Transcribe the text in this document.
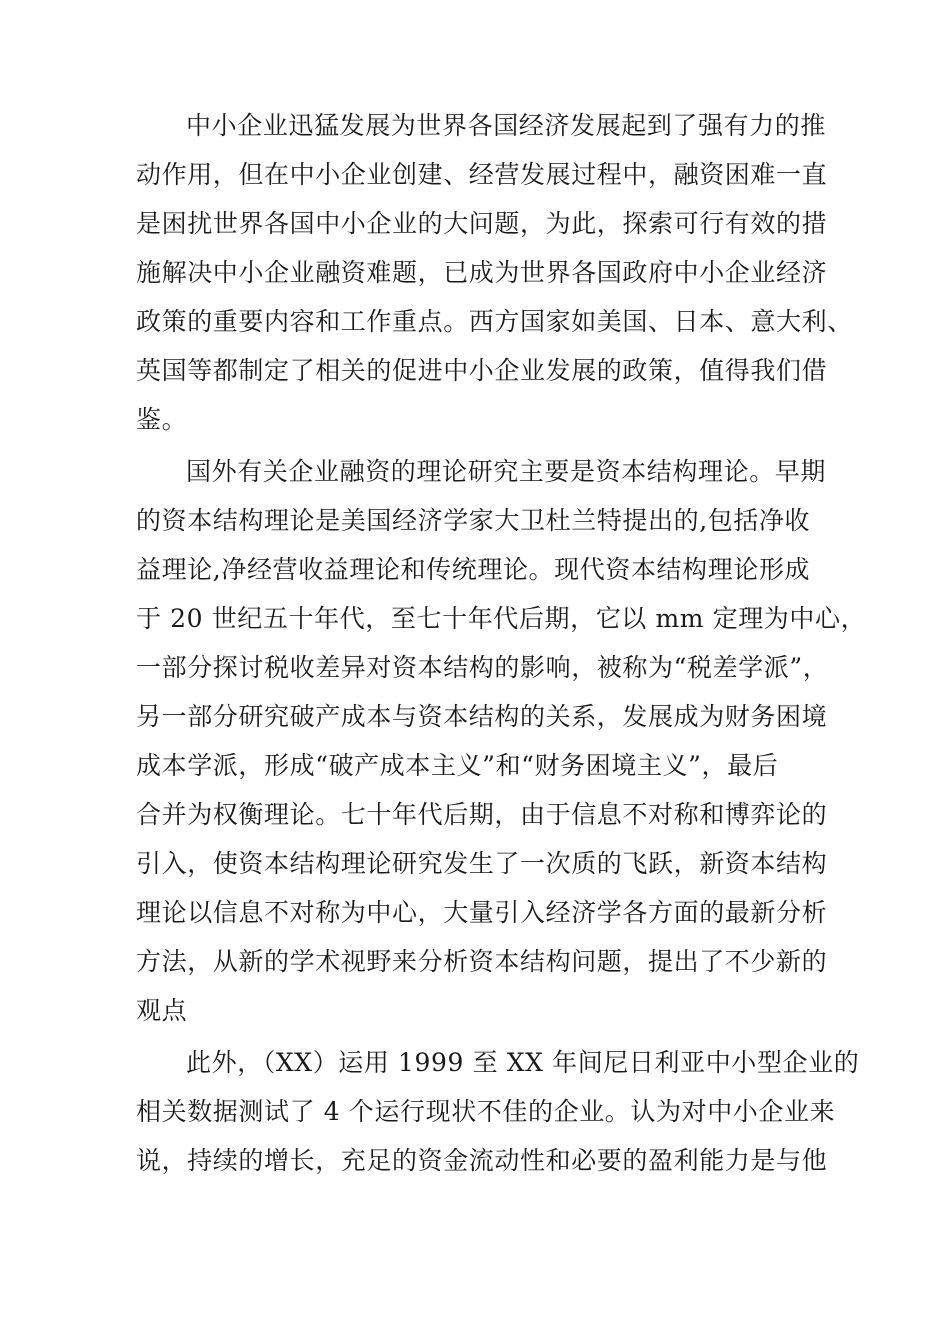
中小企业迅猛发展为世界各国经济发展起到了强有力的推
动作用，但在中小企业创建、经营发展过程中，融资困难一直
是困扰世界各国中小企业的大问题，为此，探索可行有效的措
施解决中小企业融资难题，已成为世界各国政府中小企业经济
政策的重要内容和工作重点。西方国家如美国、日本、意大利、
英国等都制定了相关的促进中小企业发展的政策，值得我们借
鉴。
国外有关企业融资的理论研究主要是资本结构理论。早期
的资本结构理论是美国经济学家大卫杜兰特提出的,包括净收
益理论,净经营收益理论和传统理论。现代资本结构理论形成
于 20 世纪五十年代，至七十年代后期，它以 mm 定理为中心，
一部分探讨税收差异对资本结构的影响，被称为“税差学派”，
另一部分研究破产成本与资本结构的关系，发展成为财务困境
成本学派，形成“破产成本主义”和“财务困境主义”，最后
合并为权衡理论。七十年代后期，由于信息不对称和博弈论的
引入，使资本结构理论研究发生了一次质的飞跃，新资本结构
理论以信息不对称为中心，大量引入经济学各方面的最新分析
方法，从新的学术视野来分析资本结构问题，提出了不少新的
观点
此外，（XX）运用 1999 至 XX 年间尼日利亚中小型企业的
相关数据测试了 4 个运行现状不佳的企业。认为对中小企业来
说，持续的增长，充足的资金流动性和必要的盈利能力是与他
